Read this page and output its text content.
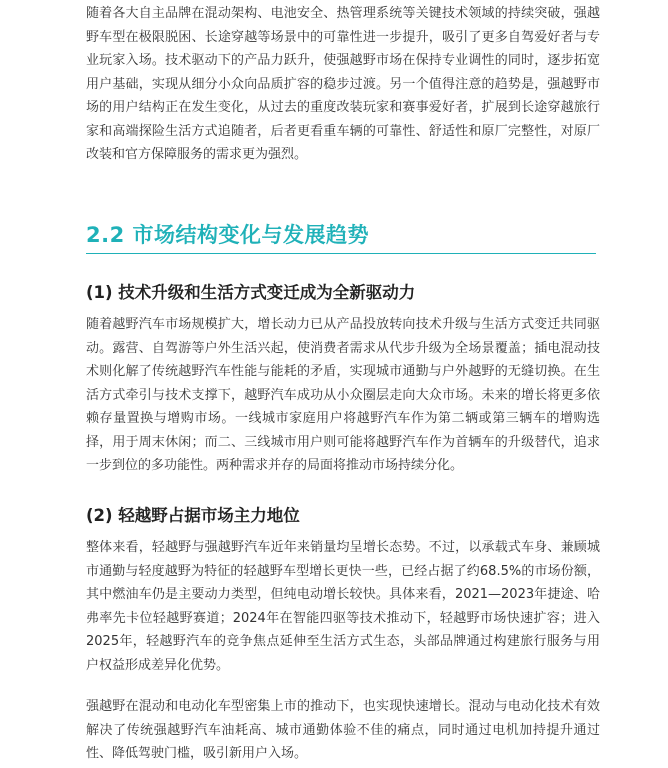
随着各大自主品牌在混动架构、电池安全、热管理系统等关键技术领域的持续突破，强越野车型在极限脱困、长途穿越等场景中的可靠性进一步提升，吸引了更多自驾爱好者与专业玩家入场。技术驱动下的产品力跃升，使强越野市场在保持专业调性的同时，逐步拓宽用户基础，实现从细分小众向品质扩容的稳步过渡。另一个值得注意的趋势是，强越野市场的用户结构正在发生变化，从过去的重度改装玩家和赛事爱好者，扩展到长途穿越旅行家和高端探险生活方式追随者，后者更看重车辆的可靠性、舒适性和原厂完整性，对原厂改装和官方保障服务的需求更为强烈。

2.2 市场结构变化与发展趋势
(1) 技术升级和生活方式变迁成为全新驱动力

随着越野汽车市场规模扩大，增长动力已从产品投放转向技术升级与生活方式变迁共同驱动。露营、自驾游等户外生活兴起，使消费者需求从代步升级为全场景覆盖；插电混动技术则化解了传统越野汽车性能与能耗的矛盾，实现城市通勤与户外越野的无缝切换。在生活方式牵引与技术支撑下，越野汽车成功从小众圈层走向大众市场。未来的增长将更多依赖存量置换与增购市场。一线城市家庭用户将越野汽车作为第二辆或第三辆车的增购选择，用于周末休闲；而二、三线城市用户则可能将越野汽车作为首辆车的升级替代，追求一步到位的多功能性。两种需求并存的局面将推动市场持续分化。

(2) 轻越野占据市场主力地位

整体来看，轻越野与强越野汽车近年来销量均呈增长态势。不过，以承载式车身、兼顾城市通勤与轻度越野为特征的轻越野车型增长更快一些，已经占据了约68.5%的市场份额，其中燃油车仍是主要动力类型，但纯电动增长较快。具体来看，2021—2023年捷途、哈弗率先卡位轻越野赛道；2024年在智能四驱等技术推动下，轻越野市场快速扩容；进入2025年，轻越野汽车的竞争焦点延伸至生活方式生态，头部品牌通过构建旅行服务与用户权益形成差异化优势。

强越野在混动和电动化车型密集上市的推动下，也实现快速增长。混动与电动化技术有效解决了传统强越野汽车油耗高、城市通勤体验不佳的痛点，同时通过电机加持提升通过性、降低驾驶门槛，吸引新用户入场。
